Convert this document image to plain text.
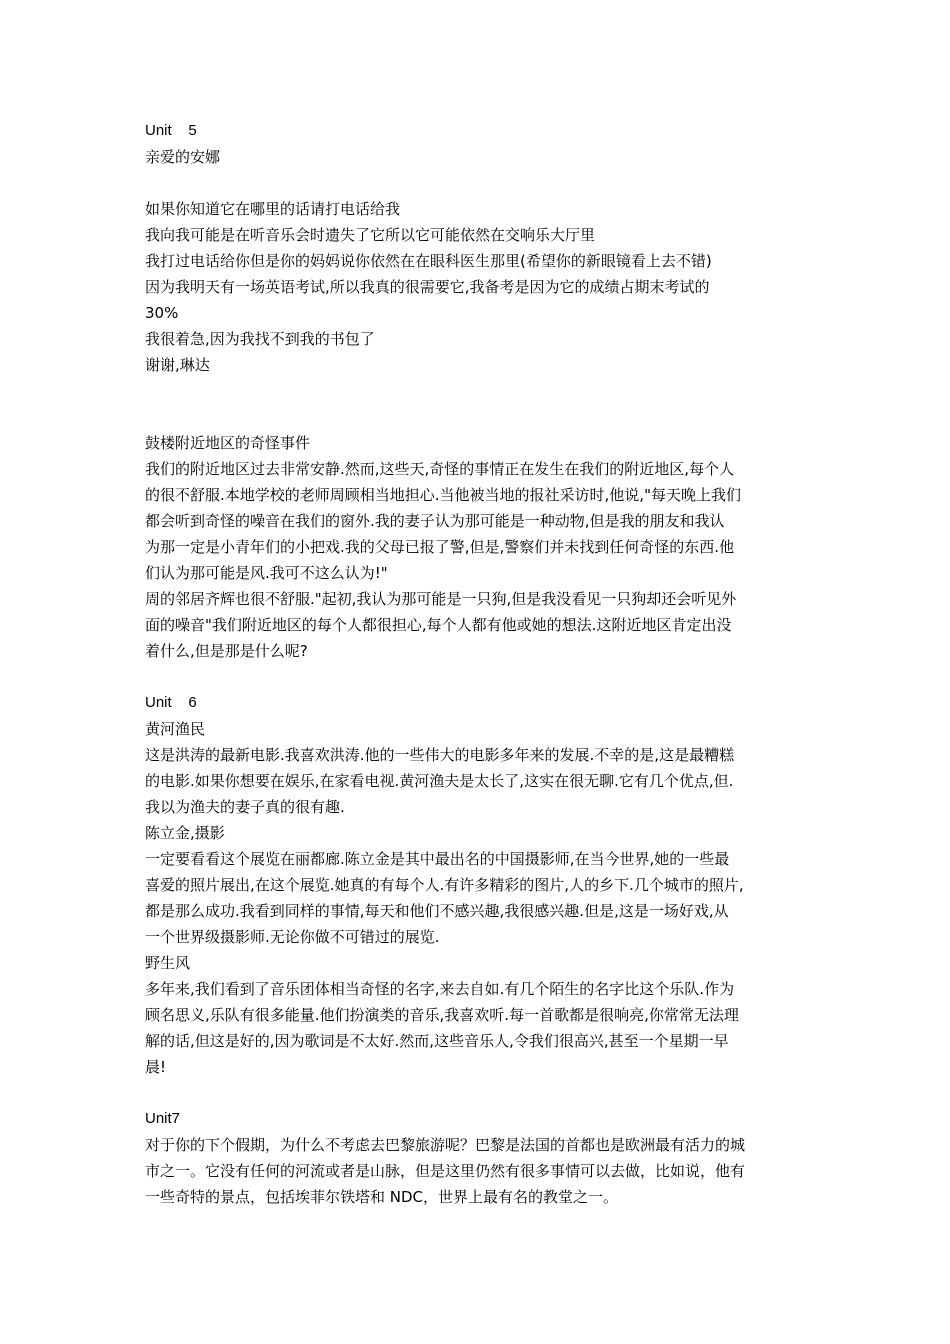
Unit    5
亲爱的安娜
如果你知道它在哪里的话请打电话给我
我向我可能是在听音乐会时遗失了它所以它可能依然在交响乐大厅里
我打过电话给你但是你的妈妈说你依然在在眼科医生那里(希望你的新眼镜看上去不错)
因为我明天有一场英语考试,所以我真的很需要它,我备考是因为它的成绩占期末考试的
30%
我很着急,因为我找不到我的书包了
谢谢,琳达
鼓楼附近地区的奇怪事件
我们的附近地区过去非常安静.然而,这些天,奇怪的事情正在发生在我们的附近地区,每个人
的很不舒服.本地学校的老师周顾相当地担心.当他被当地的报社采访时,他说,"每天晚上我们
都会听到奇怪的噪音在我们的窗外.我的妻子认为那可能是一种动物,但是我的朋友和我认
为那一定是小青年们的小把戏.我的父母已报了警,但是,警察们并未找到任何奇怪的东西.他
们认为那可能是风.我可不这么认为!"
周的邻居齐辉也很不舒服."起初,我认为那可能是一只狗,但是我没看见一只狗却还会听见外
面的噪音"我们附近地区的每个人都很担心,每个人都有他或她的想法.这附近地区肯定出没
着什么,但是那是什么呢?
Unit    6
黄河渔民
这是洪涛的最新电影.我喜欢洪涛.他的一些伟大的电影多年来的发展.不幸的是,这是最糟糕
的电影.如果你想要在娱乐,在家看电视.黄河渔夫是太长了,这实在很无聊.它有几个优点,但.
我以为渔夫的妻子真的很有趣.
陈立金,摄影
一定要看看这个展览在丽都廊.陈立金是其中最出名的中国摄影师,在当今世界,她的一些最
喜爱的照片展出,在这个展览.她真的有每个人.有许多精彩的图片,人的乡下.几个城市的照片,
都是那么成功.我看到同样的事情,每天和他们不感兴趣,我很感兴趣.但是,这是一场好戏,从
一个世界级摄影师.无论你做不可错过的展览.
野生风
多年来,我们看到了音乐团体相当奇怪的名字,来去自如.有几个陌生的名字比这个乐队.作为
顾名思义,乐队有很多能量.他们扮演类的音乐,我喜欢听.每一首歌都是很响亮,你常常无法理
解的话,但这是好的,因为歌词是不太好.然而,这些音乐人,令我们很高兴,甚至一个星期一早
晨!
Unit7
对于你的下个假期，为什么不考虑去巴黎旅游呢？巴黎是法国的首都也是欧洲最有活力的城
市之一。它没有任何的河流或者是山脉，但是这里仍然有很多事情可以去做，比如说，他有
一些奇特的景点，包括埃菲尔铁塔和 NDC，世界上最有名的教堂之一。
